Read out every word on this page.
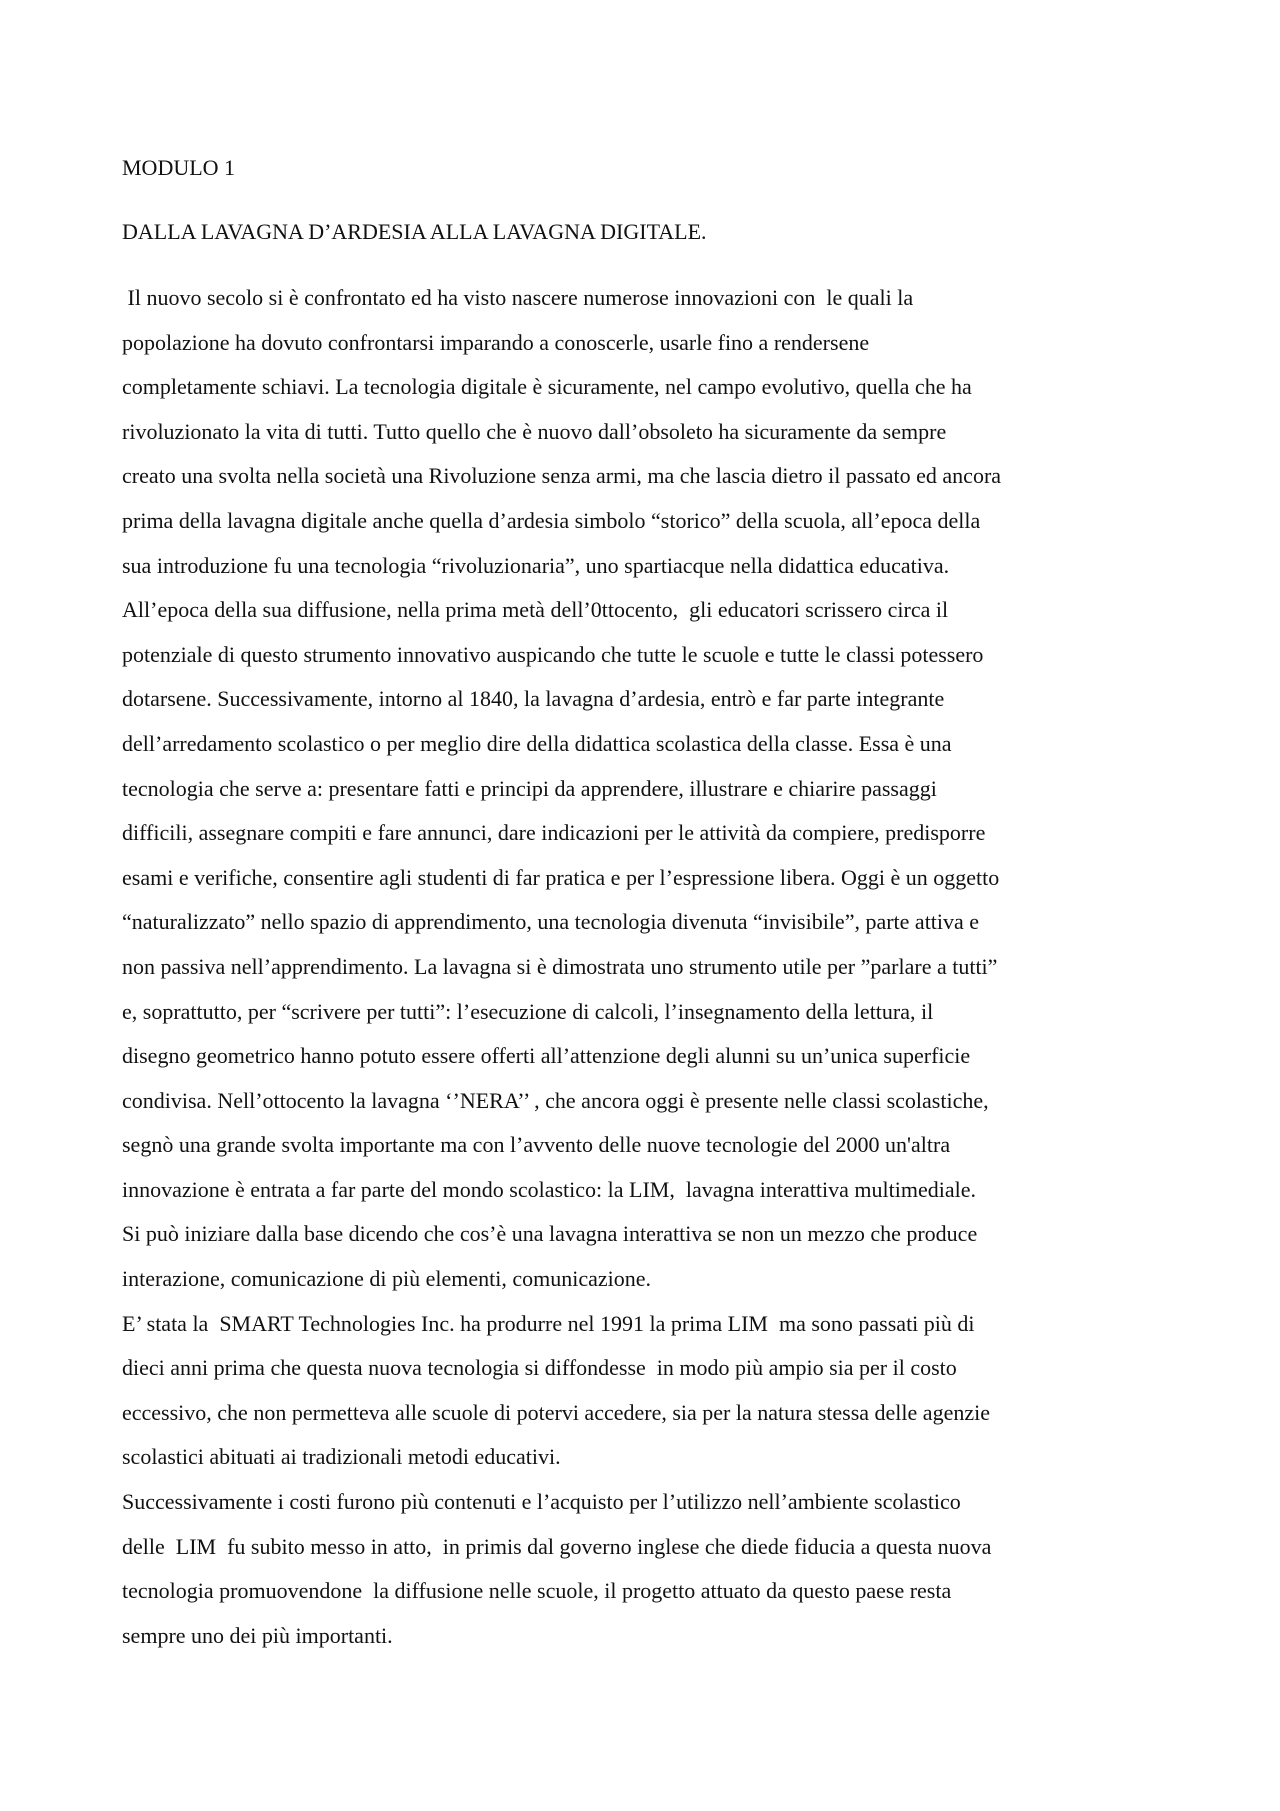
MODULO 1
DALLA LAVAGNA D’ARDESIA ALLA LAVAGNA DIGITALE.
Il nuovo secolo si è confrontato ed ha visto nascere numerose innovazioni con  le quali la
popolazione ha dovuto confrontarsi imparando a conoscerle, usarle fino a rendersene
completamente schiavi. La tecnologia digitale è sicuramente, nel campo evolutivo, quella che ha
rivoluzionato la vita di tutti. Tutto quello che è nuovo dall’obsoleto ha sicuramente da sempre
creato una svolta nella società una Rivoluzione senza armi, ma che lascia dietro il passato ed ancora
prima della lavagna digitale anche quella d’ardesia simbolo “storico” della scuola, all’epoca della
sua introduzione fu una tecnologia “rivoluzionaria”, uno spartiacque nella didattica educativa.
All’epoca della sua diffusione, nella prima metà dell’0ttocento,  gli educatori scrissero circa il
potenziale di questo strumento innovativo auspicando che tutte le scuole e tutte le classi potessero
dotarsene. Successivamente, intorno al 1840, la lavagna d’ardesia, entrò e far parte integrante
dell’arredamento scolastico o per meglio dire della didattica scolastica della classe. Essa è una
tecnologia che serve a: presentare fatti e principi da apprendere, illustrare e chiarire passaggi
difficili, assegnare compiti e fare annunci, dare indicazioni per le attività da compiere, predisporre
esami e verifiche, consentire agli studenti di far pratica e per l’espressione libera. Oggi è un oggetto
“naturalizzato” nello spazio di apprendimento, una tecnologia divenuta “invisibile”, parte attiva e
non passiva nell’apprendimento. La lavagna si è dimostrata uno strumento utile per ”parlare a tutti”
e, soprattutto, per “scrivere per tutti”: l’esecuzione di calcoli, l’insegnamento della lettura, il
disegno geometrico hanno potuto essere offerti all’attenzione degli alunni su un’unica superficie
condivisa. Nell’ottocento la lavagna ‘’NERA’’ , che ancora oggi è presente nelle classi scolastiche,
segnò una grande svolta importante ma con l’avvento delle nuove tecnologie del 2000 un'altra
innovazione è entrata a far parte del mondo scolastico: la LIM,  lavagna interattiva multimediale.
Si può iniziare dalla base dicendo che cos’è una lavagna interattiva se non un mezzo che produce
interazione, comunicazione di più elementi, comunicazione.
E’ stata la  SMART Technologies Inc. ha produrre nel 1991 la prima LIM  ma sono passati più di
dieci anni prima che questa nuova tecnologia si diffondesse  in modo più ampio sia per il costo
eccessivo, che non permetteva alle scuole di potervi accedere, sia per la natura stessa delle agenzie
scolastici abituati ai tradizionali metodi educativi.
Successivamente i costi furono più contenuti e l’acquisto per l’utilizzo nell’ambiente scolastico
delle  LIM  fu subito messo in atto,  in primis dal governo inglese che diede fiducia a questa nuova
tecnologia promuovendone  la diffusione nelle scuole, il progetto attuato da questo paese resta
sempre uno dei più importanti.
